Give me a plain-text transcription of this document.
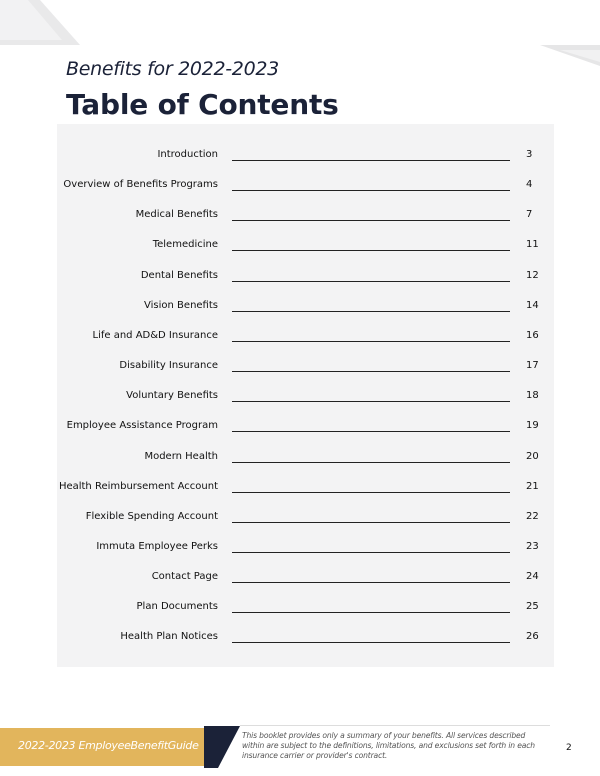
Benefits for 2022-2023
Table of Contents
Introduction	3
Overview of Benefits Programs	4
Medical Benefits	7
Telemedicine	11
Dental Benefits	12
Vision Benefits	14
Life and AD&D Insurance	16
Disability Insurance	17
Voluntary Benefits	18
Employee Assistance Program	19
Modern Health	20
Health Reimbursement Account	21
Flexible Spending Account	22
Immuta Employee Perks	23
Contact Page	24
Plan Documents	25
Health Plan Notices	26
2022-2023 EmployeeBenefitGuide
This booklet provides only a summary of your benefits. All services described within are subject to the definitions, limitations, and exclusions set forth in each insurance carrier or provider's contract.
2
